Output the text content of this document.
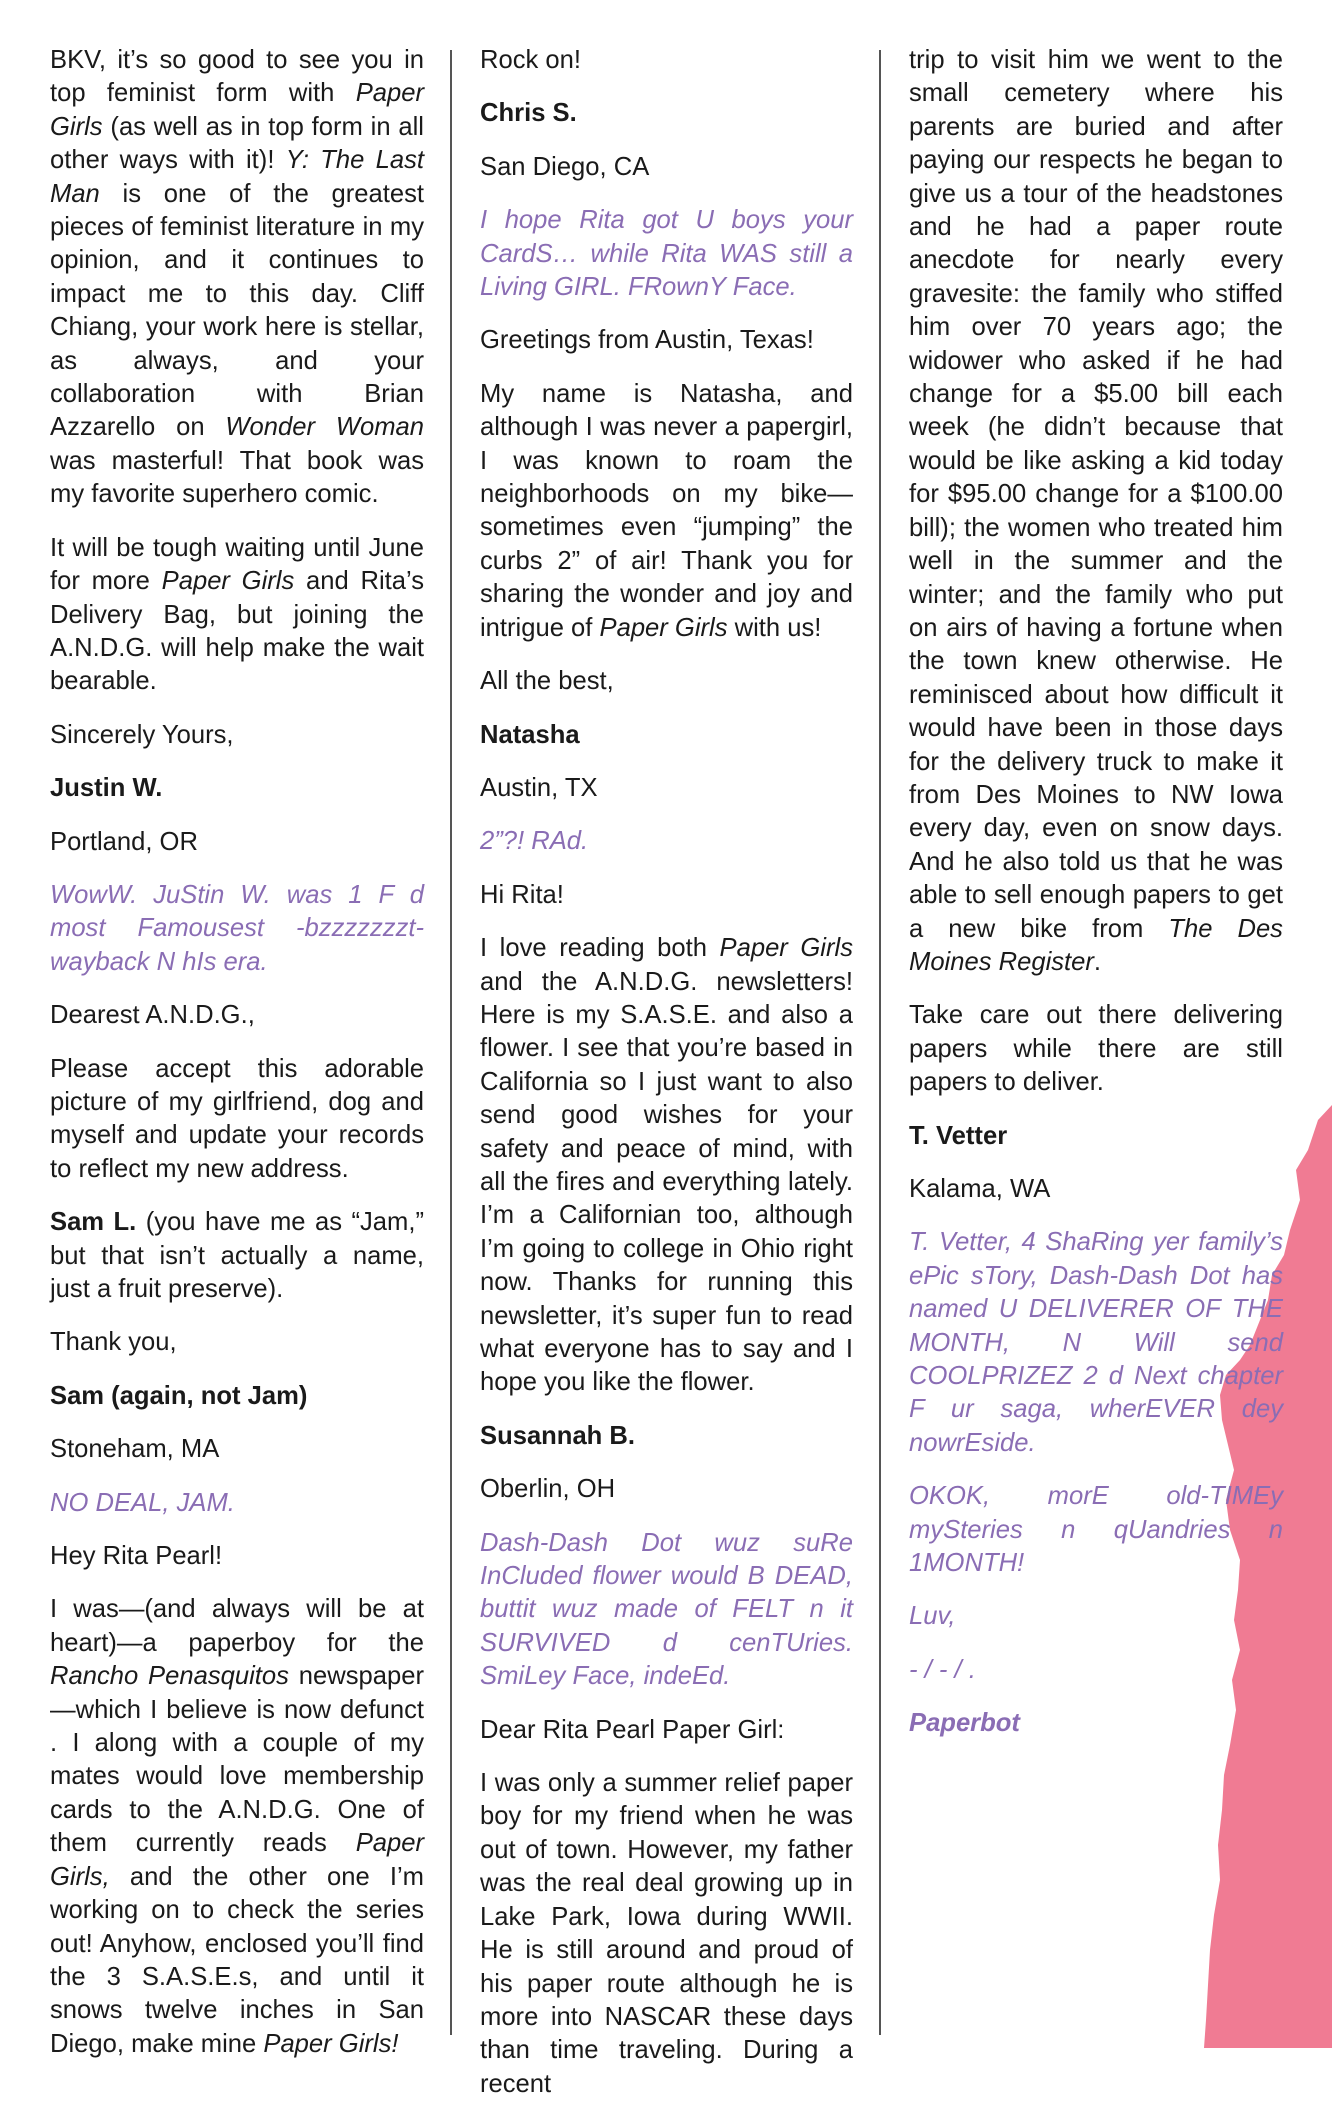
BKV, it’s so good to see you in top feminist form with Paper Girls (as well as in top form in all other ways with it)! Y: The Last Man is one of the greatest pieces of feminist literature in my opinion, and it continues to impact me to this day. Cliff Chiang, your work here is stellar, as always, and your collaboration with Brian Azzarello on Wonder Woman was masterful! That book was my favorite superhero comic.

It will be tough waiting until June for more Paper Girls and Rita’s Delivery Bag, but joining the A.N.D.G. will help make the wait bearable.

Sincerely Yours,

Justin W.

Portland, OR

WowW. JuStin W. was 1 F d most Famousest -bzzzzzzzt- wayback N hIs era.

Dearest A.N.D.G.,

Please accept this adorable picture of my girlfriend, dog and myself and update your records to reflect my new address.

Sam L. (you have me as “Jam,” but that isn’t actually a name, just a fruit preserve).

Thank you,

Sam (again, not Jam)

Stoneham, MA

NO DEAL, JAM.

Hey Rita Pearl!

I was—(and always will be at heart)—a paperboy for the Rancho Penasquitos newspaper—which I believe is now defunct . I along with a couple of my mates would love membership cards to the A.N.D.G. One of them currently reads Paper Girls, and the other one I’m working on to check the series out! Anyhow, enclosed you’ll find the 3 S.A.S.E.s, and until it snows twelve inches in San Diego, make mine Paper Girls!

Rock on!

Chris S.

San Diego, CA

I hope Rita got U boys your CardS… while Rita WAS still a Living GIRL. FRownY Face.

Greetings from Austin, Texas!

My name is Natasha, and although I was never a papergirl, I was known to roam the neighborhoods on my bike—sometimes even “jumping” the curbs 2” of air! Thank you for sharing the wonder and joy and intrigue of Paper Girls with us!

All the best,

Natasha

Austin, TX

2”?! RAd.

Hi Rita!

I love reading both Paper Girls and the A.N.D.G. newsletters! Here is my S.A.S.E. and also a flower. I see that you’re based in California so I just want to also send good wishes for your safety and peace of mind, with all the fires and everything lately. I’m a Californian too, although I’m going to college in Ohio right now. Thanks for running this newsletter, it’s super fun to read what everyone has to say and I hope you like the flower.

Susannah B.

Oberlin, OH

Dash-Dash Dot wuz suRe InCluded flower would B DEAD, buttit wuz made of FELT n it SURVIVED d cenTUries. SmiLey Face, indeEd.

Dear Rita Pearl Paper Girl:

I was only a summer relief paper boy for my friend when he was out of town. However, my father was the real deal growing up in Lake Park, Iowa during WWII. He is still around and proud of his paper route although he is more into NASCAR these days than time traveling. During a recent

trip to visit him we went to the small cemetery where his parents are buried and after paying our respects he began to give us a tour of the headstones and he had a paper route anecdote for nearly every gravesite: the family who stiffed him over 70 years ago; the widower who asked if he had change for a $5.00 bill each week (he didn’t because that would be like asking a kid today for $95.00 change for a $100.00 bill); the women who treated him well in the summer and the winter; and the family who put on airs of having a fortune when the town knew otherwise. He reminisced about how difficult it would have been in those days for the delivery truck to make it from Des Moines to NW Iowa every day, even on snow days. And he also told us that he was able to sell enough papers to get a new bike from The Des Moines Register.

Take care out there delivering papers while there are still papers to deliver.

T. Vetter

Kalama, WA

T. Vetter, 4 ShaRing yer family’s ePic sTory, Dash-Dash Dot has named U DELIVERER OF THE MONTH, N Will send COOLPRIZEZ 2 d Next chapter F ur saga, wherEVER dey nowrEside.

OKOK, morE old-TIMEy mySteries n qUandries n 1MONTH!

Luv,

- / - / .

Paperbot
